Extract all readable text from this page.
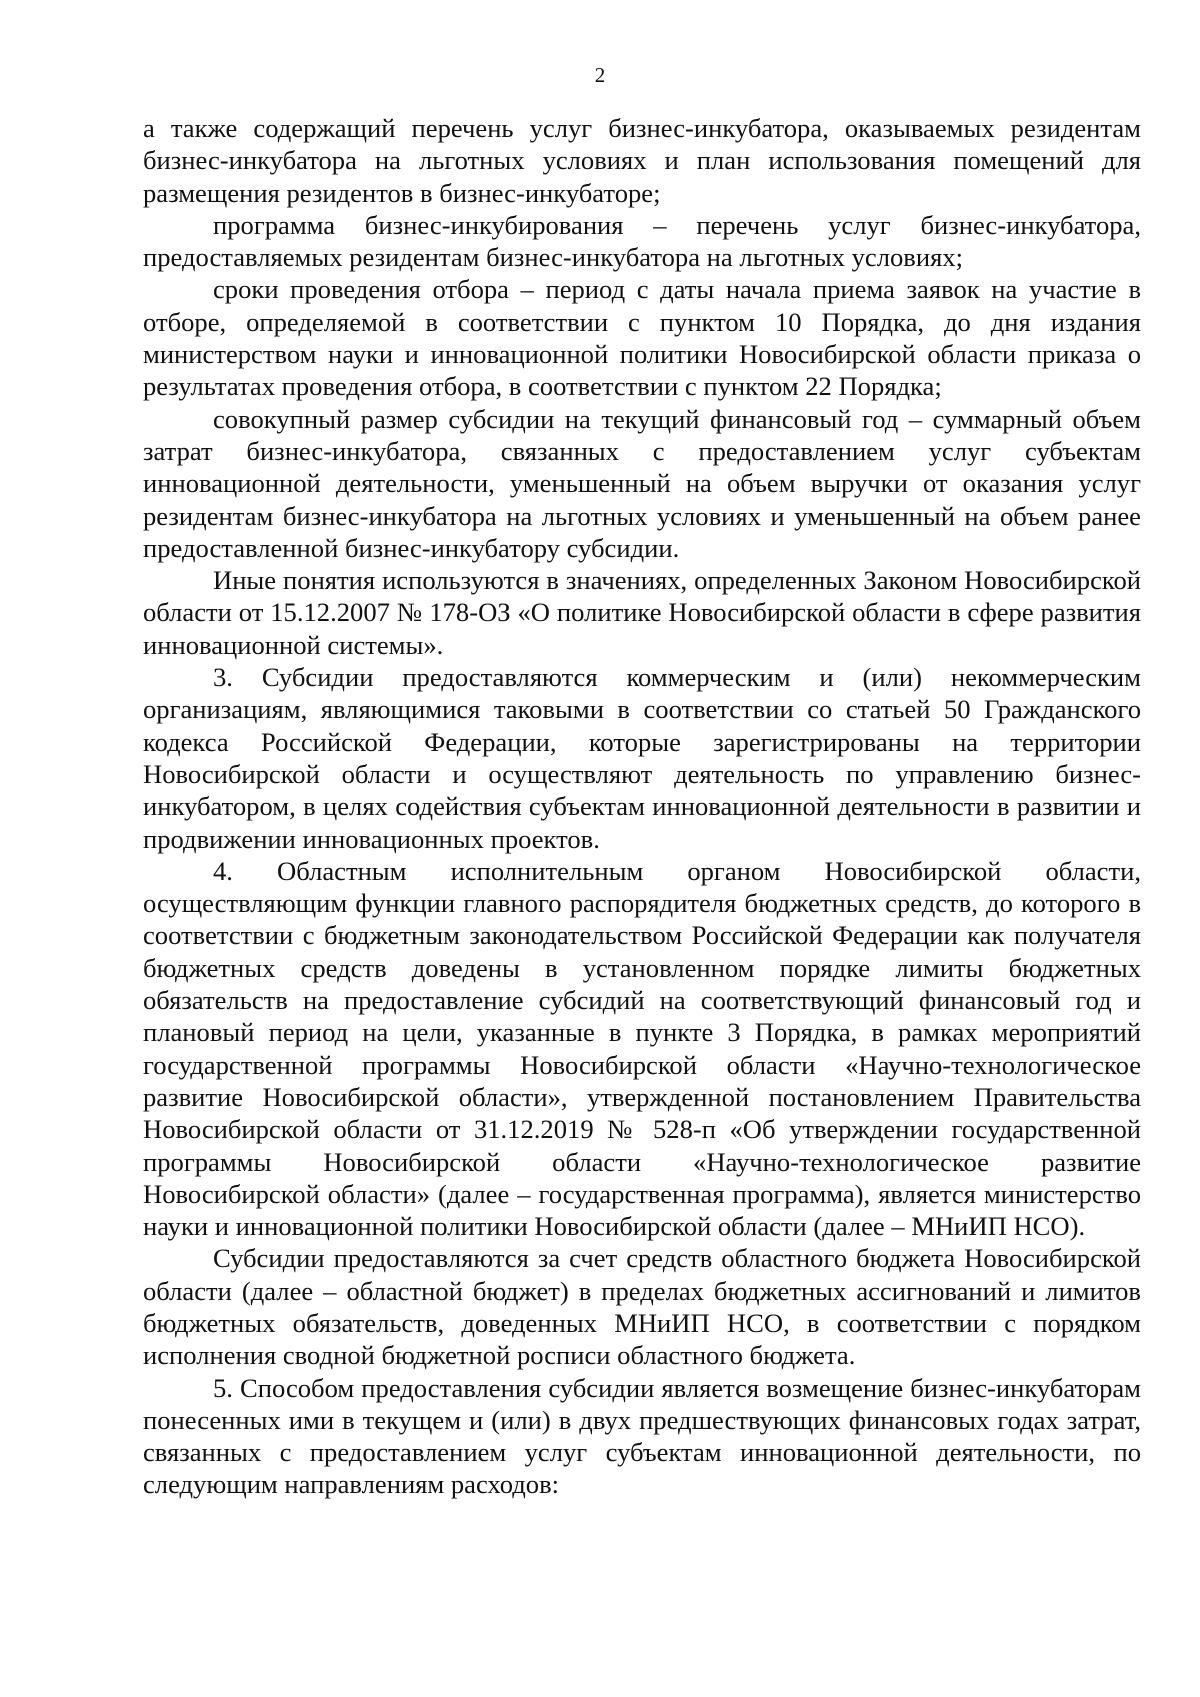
2

а также содержащий перечень услуг бизнес-инкубатора, оказываемых резидентам бизнес-инкубатора на льготных условиях и план использования помещений для размещения резидентов в бизнес-инкубаторе;

программа бизнес-инкубирования – перечень услуг бизнес-инкубатора, предоставляемых резидентам бизнес-инкубатора на льготных условиях;

сроки проведения отбора – период с даты начала приема заявок на участие в отборе, определяемой в соответствии с пунктом 10 Порядка, до дня издания министерством науки и инновационной политики Новосибирской области приказа о результатах проведения отбора, в соответствии с пунктом 22 Порядка;

совокупный размер субсидии на текущий финансовый год – суммарный объем затрат бизнес-инкубатора, связанных с предоставлением услуг субъектам инновационной деятельности, уменьшенный на объем выручки от оказания услуг резидентам бизнес-инкубатора на льготных условиях и уменьшенный на объем ранее предоставленной бизнес-инкубатору субсидии.

Иные понятия используются в значениях, определенных Законом Новосибирской области от 15.12.2007 № 178-ОЗ «О политике Новосибирской области в сфере развития инновационной системы».

3. Субсидии предоставляются коммерческим и (или) некоммерческим организациям, являющимися таковыми в соответствии со статьей 50 Гражданского кодекса Российской Федерации, которые зарегистрированы на территории Новосибирской области и осуществляют деятельность по управлению бизнес-инкубатором, в целях содействия субъектам инновационной деятельности в развитии и продвижении инновационных проектов.

4. Областным исполнительным органом Новосибирской области, осуществляющим функции главного распорядителя бюджетных средств, до которого в соответствии с бюджетным законодательством Российской Федерации как получателя бюджетных средств доведены в установленном порядке лимиты бюджетных обязательств на предоставление субсидий на соответствующий финансовый год и плановый период на цели, указанные в пункте 3 Порядка, в рамках мероприятий государственной программы Новосибирской области «Научно-технологическое развитие Новосибирской области», утвержденной постановлением Правительства Новосибирской области от 31.12.2019 № 528-п «Об утверждении государственной программы Новосибирской области «Научно-технологическое развитие Новосибирской области» (далее – государственная программа), является министерство науки и инновационной политики Новосибирской области (далее – МНиИП НСО).

Субсидии предоставляются за счет средств областного бюджета Новосибирской области (далее – областной бюджет) в пределах бюджетных ассигнований и лимитов бюджетных обязательств, доведенных МНиИП НСО, в соответствии с порядком исполнения сводной бюджетной росписи областного бюджета.

5. Способом предоставления субсидии является возмещение бизнес-инкубаторам понесенных ими в текущем и (или) в двух предшествующих финансовых годах затрат, связанных с предоставлением услуг субъектам инновационной деятельности, по следующим направлениям расходов:
